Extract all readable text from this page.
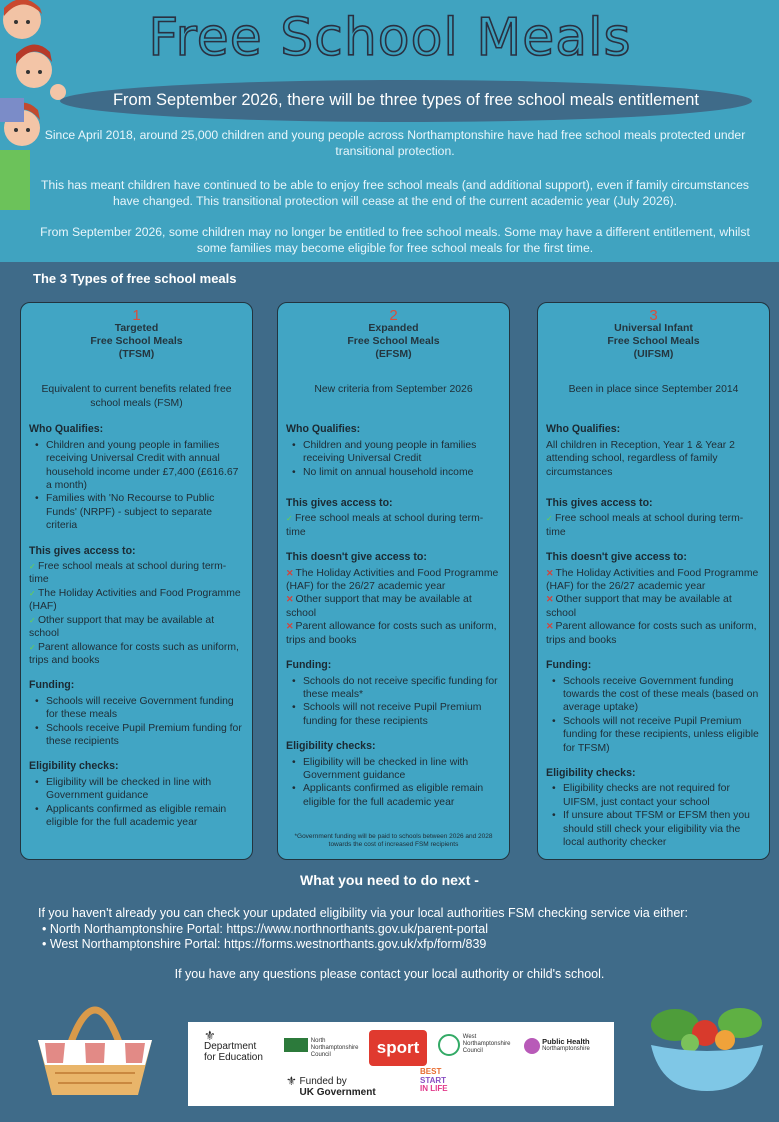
Free School Meals
From September 2026, there will be three types of free school meals entitlement
Since April 2018, around 25,000 children and young people across Northamptonshire have had free school meals protected under transitional protection.
This has meant children have continued to be able to enjoy free school meals (and additional support), even if family circumstances have changed. This transitional protection will cease at the end of the current academic year (July 2026).
From September 2026, some children may no longer be entitled to free school meals. Some may have a different entitlement, whilst some families may become eligible for free school meals for the first time.
The 3 Types of free school meals
1
Targeted
Free School Meals
(TFSM)
Equivalent to current benefits related free school meals (FSM)
Who Qualifies:
• Children and young people in families receiving Universal Credit with annual household income under £7,400 (£616.67 a month)
• Families with 'No Recourse to Public Funds' (NRPF) - subject to separate criteria
This gives access to:
✓ Free school meals at school during term-time
✓ The Holiday Activities and Food Programme (HAF)
✓ Other support that may be available at school
✓ Parent allowance for costs such as uniform, trips and books
Funding:
• Schools will receive Government funding for these meals
• Schools receive Pupil Premium funding for these recipients
Eligibility checks:
• Eligibility will be checked in line with Government guidance
• Applicants confirmed as eligible remain eligible for the full academic year
2
Expanded
Free School Meals
(EFSM)
New criteria from September 2026
Who Qualifies:
• Children and young people in families receiving Universal Credit
• No limit on annual household income
This gives access to:
✓ Free school meals at school during term-time
This doesn't give access to:
✕ The Holiday Activities and Food Programme (HAF) for the 26/27 academic year
✕ Other support that may be available at school
✕ Parent allowance for costs such as uniform, trips and books
Funding:
• Schools do not receive specific funding for these meals*
• Schools will not receive Pupil Premium funding for these recipients
Eligibility checks:
• Eligibility will be checked in line with Government guidance
• Applicants confirmed as eligible remain eligible for the full academic year
*Government funding will be paid to schools between 2026 and 2028 towards the cost of increased FSM recipients
3
Universal Infant
Free School Meals
(UIFSM)
Been in place since September 2014
Who Qualifies:
All children in Reception, Year 1 & Year 2 attending school, regardless of family circumstances
This gives access to:
✓ Free school meals at school during term-time
This doesn't give access to:
✕ The Holiday Activities and Food Programme (HAF) for the 26/27 academic year
✕ Other support that may be available at school
✕ Parent allowance for costs such as uniform, trips and books
Funding:
• Schools receive Government funding towards the cost of these meals (based on average uptake)
• Schools will not receive Pupil Premium funding for these recipients, unless eligible for TFSM)
Eligibility checks:
• Eligibility checks are not required for UIFSM, just contact your school
• If unsure about TFSM or EFSM then you should still check your eligibility via the local authority checker
What you need to do next -
If you haven't already you can check your updated eligibility via your local authorities FSM checking service via either:
• North Northamptonshire Portal: https://www.northnorthants.gov.uk/parent-portal
• West Northamptonshire Portal: https://forms.westnorthants.gov.uk/xfp/form/839
If you have any questions please contact your local authority or child's school.
⚜
Department
for Education

North
Northamptonshire
Council	sport

West
Northamptonshire
Council

Public Health
Northamptonshire
⚜ Funded by
UK Government
BEST
START
IN LIFE
